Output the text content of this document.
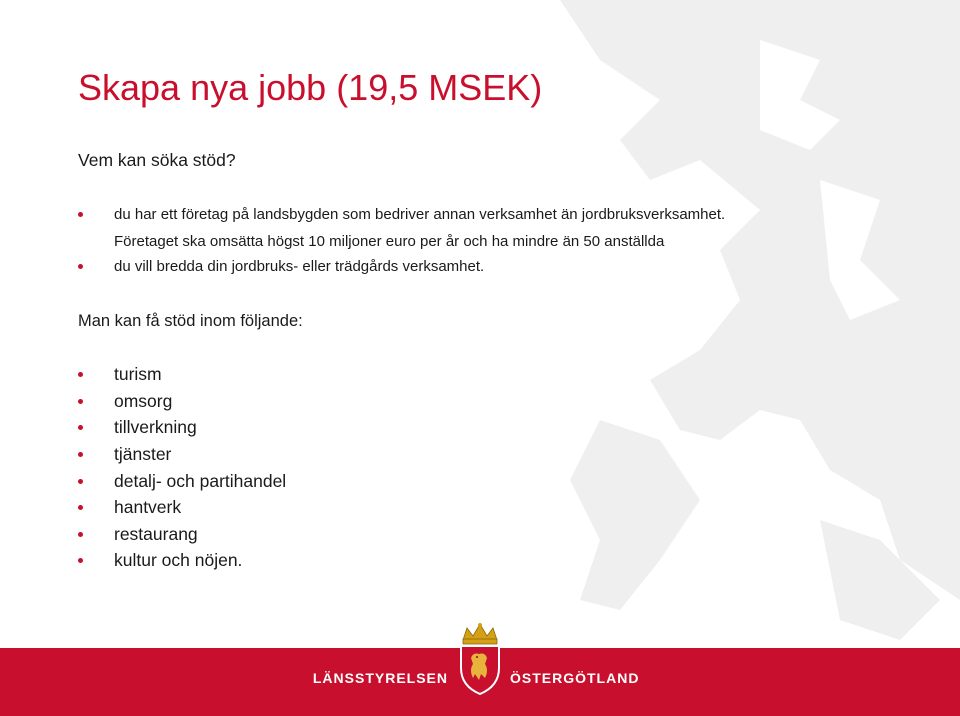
Skapa nya jobb (19,5 MSEK)
Vem kan söka stöd?
du har ett företag på landsbygden som bedriver annan verksamhet än jordbruksverksamhet.
Företaget ska omsätta högst 10 miljoner euro per år och ha mindre än 50 anställda
du vill bredda din jordbruks- eller trädgårds verksamhet.
Man kan få stöd inom följande:
turism
omsorg
tillverkning
tjänster
detalj- och partihandel
hantverk
restaurang
kultur och nöjen.
LÄNSSTYRELSEN	ÖSTERGÖTLAND
